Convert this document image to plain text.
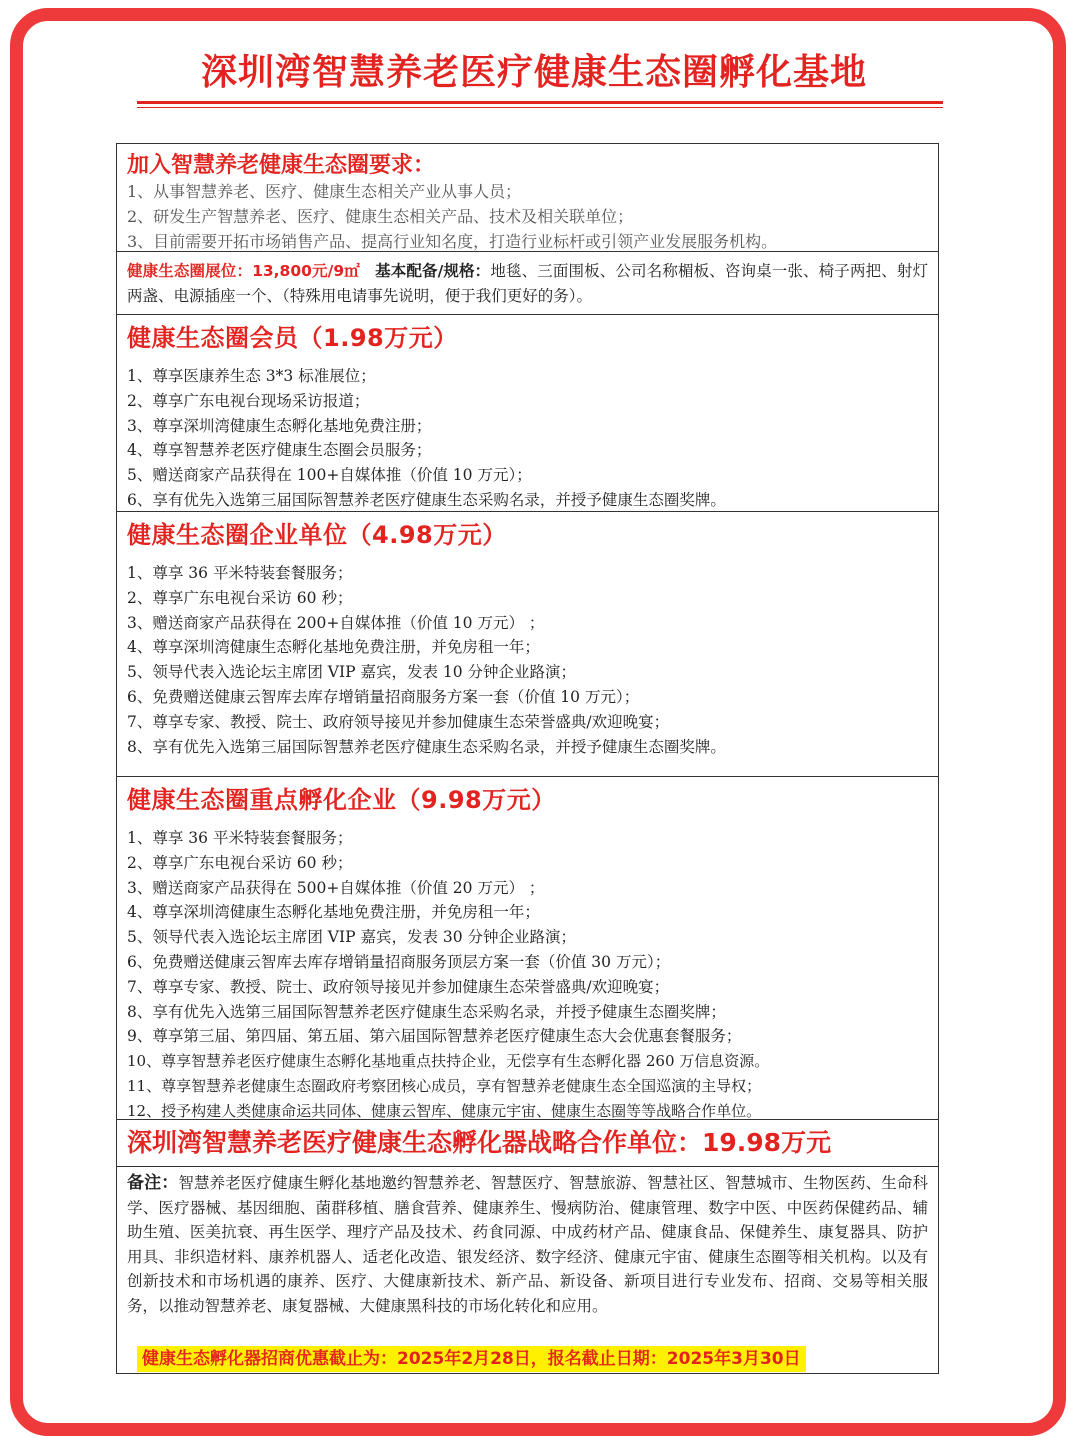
深圳湾智慧养老医疗健康生态圈孵化基地
加入智慧养老健康生态圈要求：
1、从事智慧养老、医疗、健康生态相关产业从事人员；
2、研发生产智慧养老、医疗、健康生态相关产品、技术及相关联单位；
3、目前需要开拓市场销售产品、提高行业知名度，打造行业标杆或引领产业发展服务机构。
健康生态圈展位：13,800元/9㎡ 基本配备/规格：地毯、三面围板、公司名称楣板、咨询桌一张、椅子两把、射灯两盏、电源插座一个、（特殊用电请事先说明，便于我们更好的务）。
健康生态圈会员（1.98万元）
1、尊享医康养生态 3*3 标准展位；
2、尊享广东电视台现场采访报道；
3、尊享深圳湾健康生态孵化基地免费注册；
4、尊享智慧养老医疗健康生态圈会员服务；
5、赠送商家产品获得在 100+自媒体推（价值 10 万元）；
6、享有优先入选第三届国际智慧养老医疗健康生态采购名录，并授予健康生态圈奖牌。
健康生态圈企业单位（4.98万元）
1、尊享 36 平米特装套餐服务；
2、尊享广东电视台采访 60 秒；
3、赠送商家产品获得在 200+自媒体推（价值 10 万元） ；
4、尊享深圳湾健康生态孵化基地免费注册，并免房租一年；
5、领导代表入选论坛主席团 VIP 嘉宾，发表 10 分钟企业路演；
6、免费赠送健康云智库去库存增销量招商服务方案一套（价值 10 万元）；
7、尊享专家、教授、院士、政府领导接见并参加健康生态荣誉盛典/欢迎晚宴；
8、享有优先入选第三届国际智慧养老医疗健康生态采购名录，并授予健康生态圈奖牌。
健康生态圈重点孵化企业（9.98万元）
1、尊享 36 平米特装套餐服务；
2、尊享广东电视台采访 60 秒；
3、赠送商家产品获得在 500+自媒体推（价值 20 万元） ；
4、尊享深圳湾健康生态孵化基地免费注册，并免房租一年；
5、领导代表入选论坛主席团 VIP 嘉宾，发表 30 分钟企业路演；
6、免费赠送健康云智库去库存增销量招商服务顶层方案一套（价值 30 万元）；
7、尊享专家、教授、院士、政府领导接见并参加健康生态荣誉盛典/欢迎晚宴；
8、享有优先入选第三届国际智慧养老医疗健康生态采购名录，并授予健康生态圈奖牌；
9、尊享第三届、第四届、第五届、第六届国际智慧养老医疗健康生态大会优惠套餐服务；
10、尊享智慧养老医疗健康生态孵化基地重点扶持企业，无偿享有生态孵化器 260 万信息资源。
11、尊享智慧养老健康生态圈政府考察团核心成员，享有智慧养老健康生态全国巡演的主导权；
12、授予构建人类健康命运共同体、健康云智库、健康元宇宙、健康生态圈等等战略合作单位。
深圳湾智慧养老医疗健康生态孵化器战略合作单位：19.98万元
备注：智慧养老医疗健康生孵化基地邀约智慧养老、智慧医疗、智慧旅游、智慧社区、智慧城市、生物医药、生命科学、医疗器械、基因细胞、菌群移植、膳食营养、健康养生、慢病防治、健康管理、数字中医、中医药保健药品、辅助生殖、医美抗衰、再生医学、理疗产品及技术、药食同源、中成药材产品、健康食品、保健养生、康复器具、防护用具、非织造材料、康养机器人、适老化改造、银发经济、数字经济、健康元宇宙、健康生态圈等相关机构。以及有创新技术和市场机遇的康养、医疗、大健康新技术、新产品、新设备、新项目进行专业发布、招商、交易等相关服务，以推动智慧养老、康复器械、大健康黑科技的市场化转化和应用。
健康生态孵化器招商优惠截止为：2025年2月28日，报名截止日期：2025年3月30日
